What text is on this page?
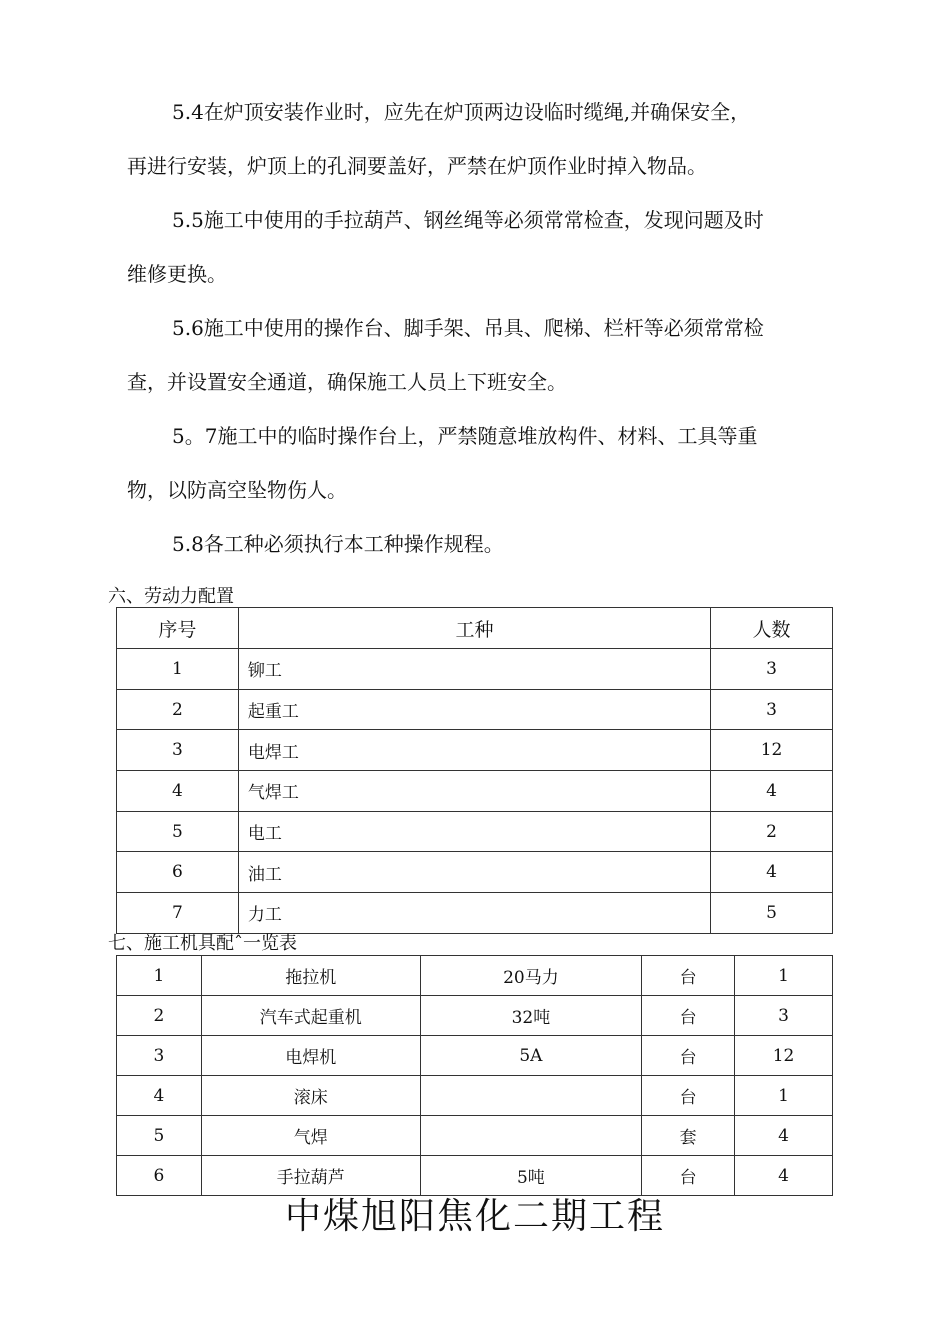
5.4在炉顶安装作业时，应先在炉顶两边设临时缆绳,并确保安全，
再进行安装，炉顶上的孔洞要盖好，严禁在炉顶作业时掉入物品。
5.5施工中使用的手拉葫芦、钢丝绳等必须常常检查，发现问题及时
维修更换。
5.6施工中使用的操作台、脚手架、吊具、爬梯、栏杆等必须常常检
查，并设置安全通道，确保施工人员上下班安全。
5。7施工中的临时操作台上，严禁随意堆放构件、材料、工具等重
物，以防高空坠物伤人。
5.8各工种必须执行本工种操作规程。
六、劳动力配置
序号	工种	人数
1	铆工	3
2	起重工	3
3	电焊工	12
4	气焊工	4
5	电工	2
6	油工	4
7	力工	5
七、施工机具配ˆ一览表
1	拖拉机	20马力	台	1
2	汽车式起重机	32吨	台	3
3	电焊机	5A	台	12
4	滚床		台	1
5	气焊		套	4
6	手拉葫芦	5吨	台	4
中煤旭阳焦化二期工程
